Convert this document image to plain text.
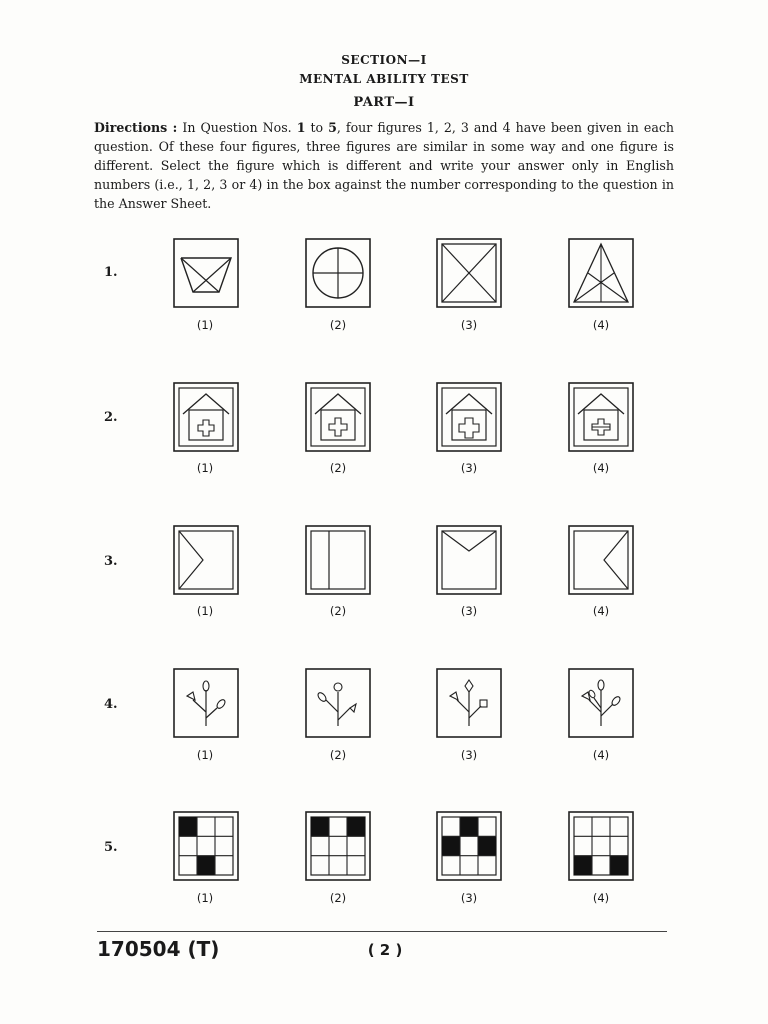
SECTION—I
MENTAL ABILITY TEST
PART—I
Directions : In Question Nos. 1 to 5, four figures 1, 2, 3 and 4 have been given in each question. Of these four figures, three figures are similar in some way and one figure is different. Select the figure which is different and write your answer only in English numbers (i.e., 1, 2, 3 or 4) in the box against the number corresponding to the question in the Answer Sheet.
1.
2.
3.
4.
5.
(1)	(2)	(3)	(4)
(1)	(2)	(3)	(4)
(1)	(2)	(3)	(4)
(1)	(2)	(3)	(4)
(1)	(2)	(3)	(4)
170504 (T)	( 2 )
